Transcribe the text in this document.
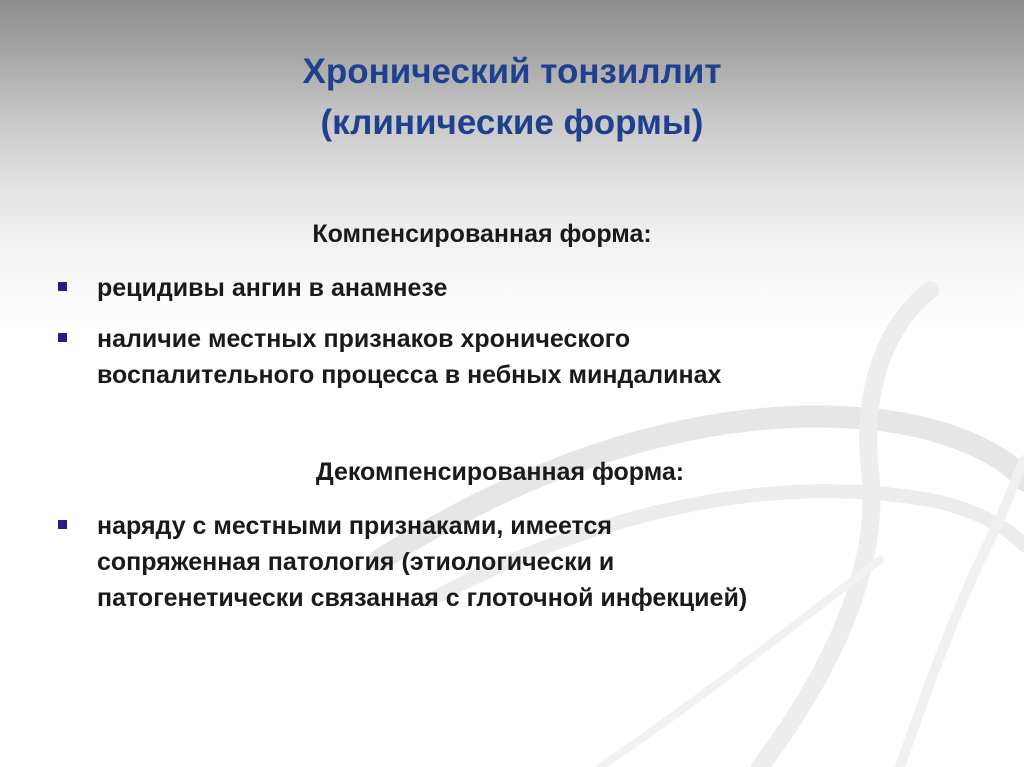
Хронический тонзиллит
(клинические формы)
Компенсированная форма:
рецидивы ангин в анамнезе
наличие местных признаков хронического
воспалительного процесса в небных миндалинах
Декомпенсированная форма:
наряду с местными признаками, имеется
сопряженная патология (этиологически и
патогенетически связанная с глоточной инфекцией)
